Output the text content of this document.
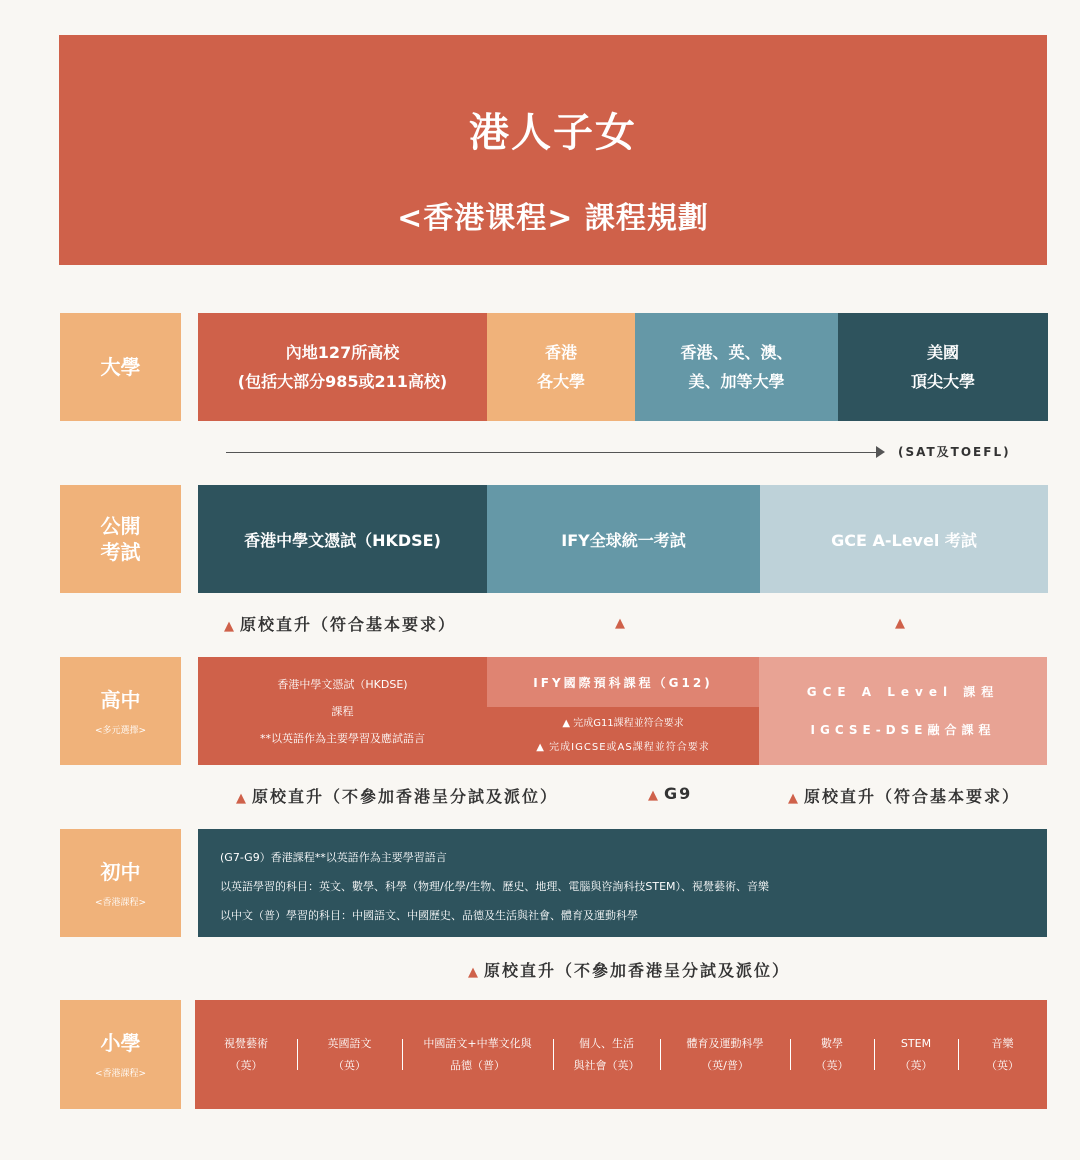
港人子女
<香港课程> 課程規劃
大學
內地127所高校
(包括大部分985或211高校)
香港
各大學
香港、英、澳、
美、加等大學
美國
頂尖大學
(SAT及TOEFL)
公開
考試	香港中學文憑試（HKDSE)	IFY全球統一考試	GCE A-Level 考試
▲ 原校直升（符合基本要求）	▲	▲
高中
<多元選擇>
香港中學文憑試（HKDSE)
課程
**以英語作為主要學習及應試語言
IFY國際預科課程（G12)
▲ 完成G11課程並符合要求
▲ 完成IGCSE或AS課程並符合要求
GCE A Level 課程
IGCSE-DSE融合課程
▲ 原校直升（不參加香港呈分試及派位）	▲ G9	▲ 原校直升（符合基本要求）
初中
<香港課程>
(G7-G9）香港課程**以英語作為主要學習語言
以英語學習的科目：英文、數學、科學（物理/化學/生物、歷史、地理、電腦與咨詢科技STEM）、視覺藝術、音樂
以中文（普）學習的科目：中國語文、中國歷史、品德及生活與社會、體育及運動科學
▲ 原校直升（不參加香港呈分試及派位）
小學
<香港課程>
視覺藝術
（英）
英國語文
（英）
中國語文+中華文化與
品德（普）
個人、生活
與社會（英）
體育及運動科學
（英/普）
數學
（英）
STEM
（英）
音樂
（英）
